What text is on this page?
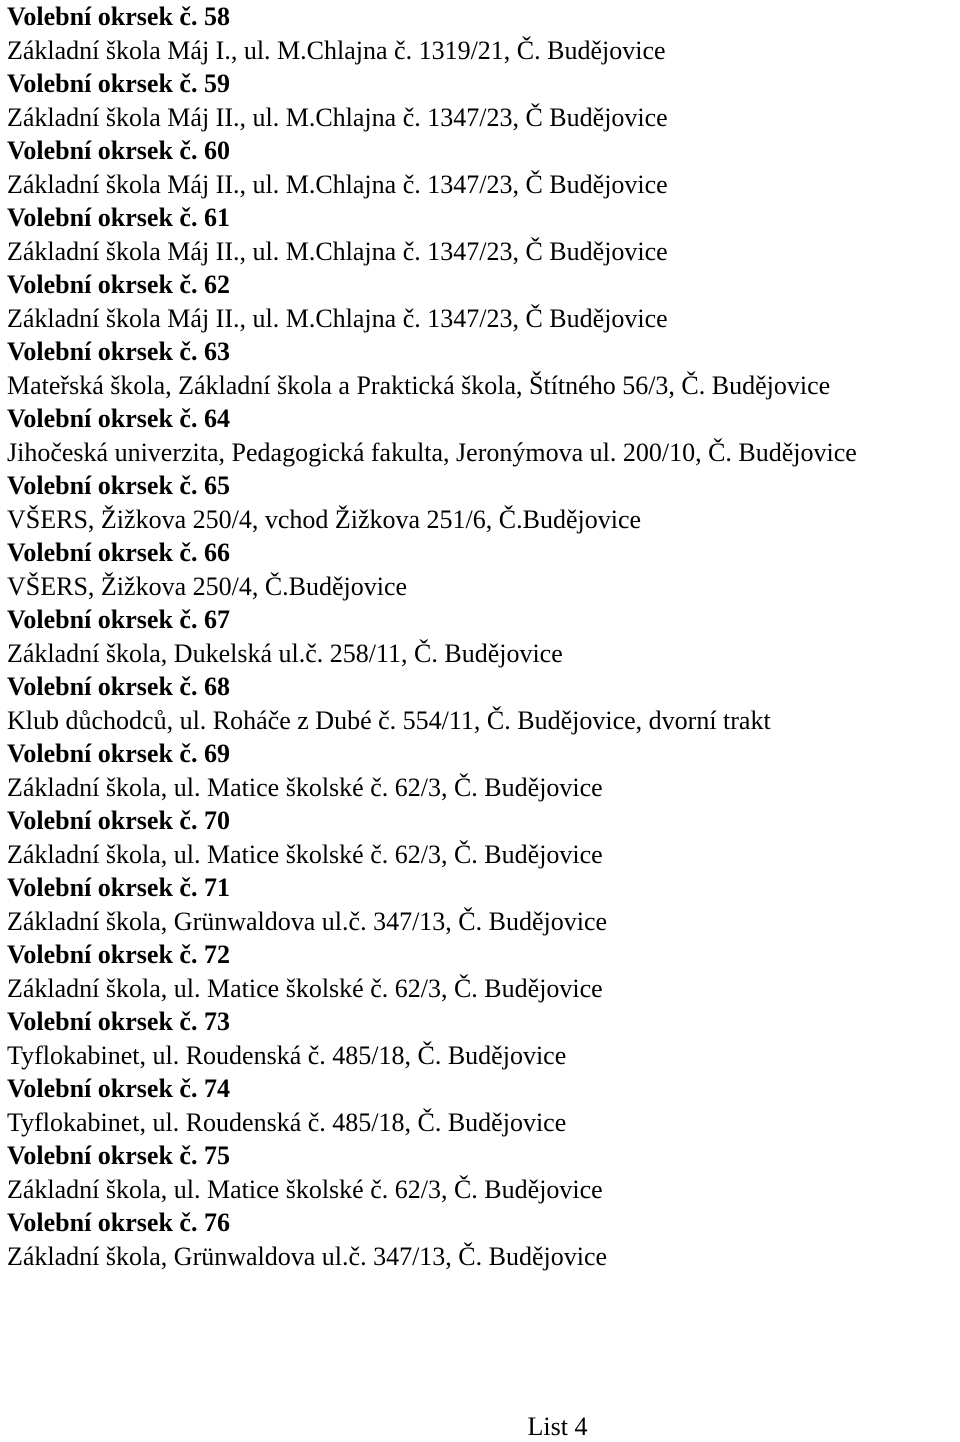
Volební okrsek č. 58
Základní škola Máj I., ul. M.Chlajna č. 1319/21, Č. Budějovice
Volební okrsek č. 59
Základní škola Máj II., ul. M.Chlajna č. 1347/23, Č Budějovice
Volební okrsek č. 60
Základní škola Máj II., ul. M.Chlajna č. 1347/23, Č Budějovice
Volební okrsek č. 61
Základní škola Máj II., ul. M.Chlajna č. 1347/23, Č Budějovice
Volební okrsek č. 62
Základní škola Máj II., ul. M.Chlajna č. 1347/23, Č Budějovice
Volební okrsek č. 63
Mateřská škola, Základní škola a Praktická škola, Štítného 56/3, Č. Budějovice
Volební okrsek č. 64
Jihočeská univerzita, Pedagogická fakulta, Jeronýmova ul. 200/10, Č. Budějovice
Volební okrsek č. 65
VŠERS, Žižkova 250/4, vchod Žižkova 251/6, Č.Budějovice
Volební okrsek č. 66
VŠERS, Žižkova 250/4, Č.Budějovice
Volební okrsek č. 67
Základní škola, Dukelská ul.č. 258/11, Č. Budějovice
Volební okrsek č. 68
Klub důchodců, ul. Roháče z Dubé č. 554/11, Č. Budějovice, dvorní trakt
Volební okrsek č. 69
Základní škola, ul. Matice školské č. 62/3, Č. Budějovice
Volební okrsek č. 70
Základní škola, ul. Matice školské č. 62/3, Č. Budějovice
Volební okrsek č. 71
Základní škola, Grünwaldova ul.č. 347/13, Č. Budějovice
Volební okrsek č. 72
Základní škola, ul. Matice školské č. 62/3, Č. Budějovice
Volební okrsek č. 73
Tyflokabinet, ul. Roudenská č. 485/18, Č. Budějovice
Volební okrsek č. 74
Tyflokabinet, ul. Roudenská č. 485/18, Č. Budějovice
Volební okrsek č. 75
Základní škola, ul. Matice školské č. 62/3, Č. Budějovice
Volební okrsek č. 76
Základní škola, Grünwaldova ul.č. 347/13, Č. Budějovice
List 4
